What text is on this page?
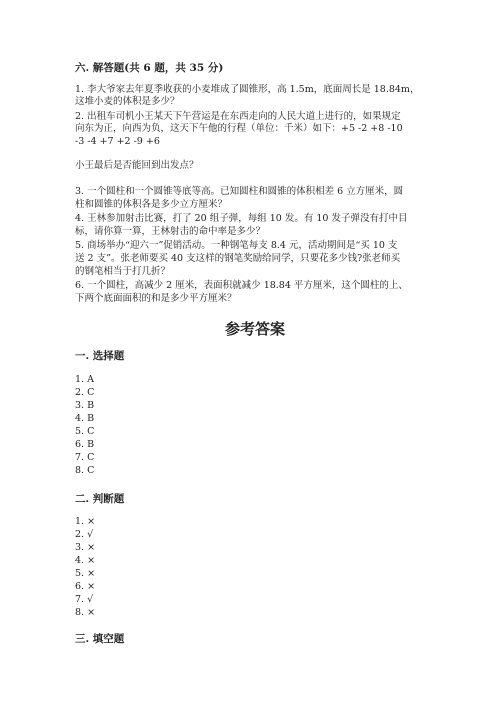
六. 解答题(共 6 题，共 35 分)
1. 李大爷家去年夏季收获的小麦堆成了圆锥形，高 1.5m，底面周长是 18.84m，
这堆小麦的体积是多少？
2. 出租车司机小王某天下午营运是在东西走向的人民大道上进行的，如果规定
向东为正，向西为负，这天下午他的行程（单位：千米）如下：+5 -2 +8 -10
-3 -4 +7 +2 -9 +6
小王最后是否能回到出发点？
3. 一个圆柱和一个圆锥等底等高。已知圆柱和圆锥的体积相差 6 立方厘米，圆
柱和圆锥的体积各是多少立方厘米？
4. 王林参加射击比赛，打了 20 组子弹，每组 10 发。有 10 发子弹没有打中目
标，请你算一算，王林射击的命中率是多少？
5. 商场举办“迎六一”促销活动。一种钢笔每支 8.4 元，活动期间是“买 10 支
送 2 支”。张老师要买 40 支这样的钢笔奖励给同学，只要花多少钱?张老师买
的钢笔相当于打几折？
6. 一个圆柱，高减少 2 厘米，表面积就减少 18.84 平方厘米，这个圆柱的上、
下两个底面面积的和是多少平方厘米？
参考答案
一. 选择题
1. A
2. C
3. B
4. B
5. C
6. B
7. C
8. C
二. 判断题
1. ×
2. √
3. ×
4. ×
5. ×
6. ×
7. √
8. ×
三. 填空题
